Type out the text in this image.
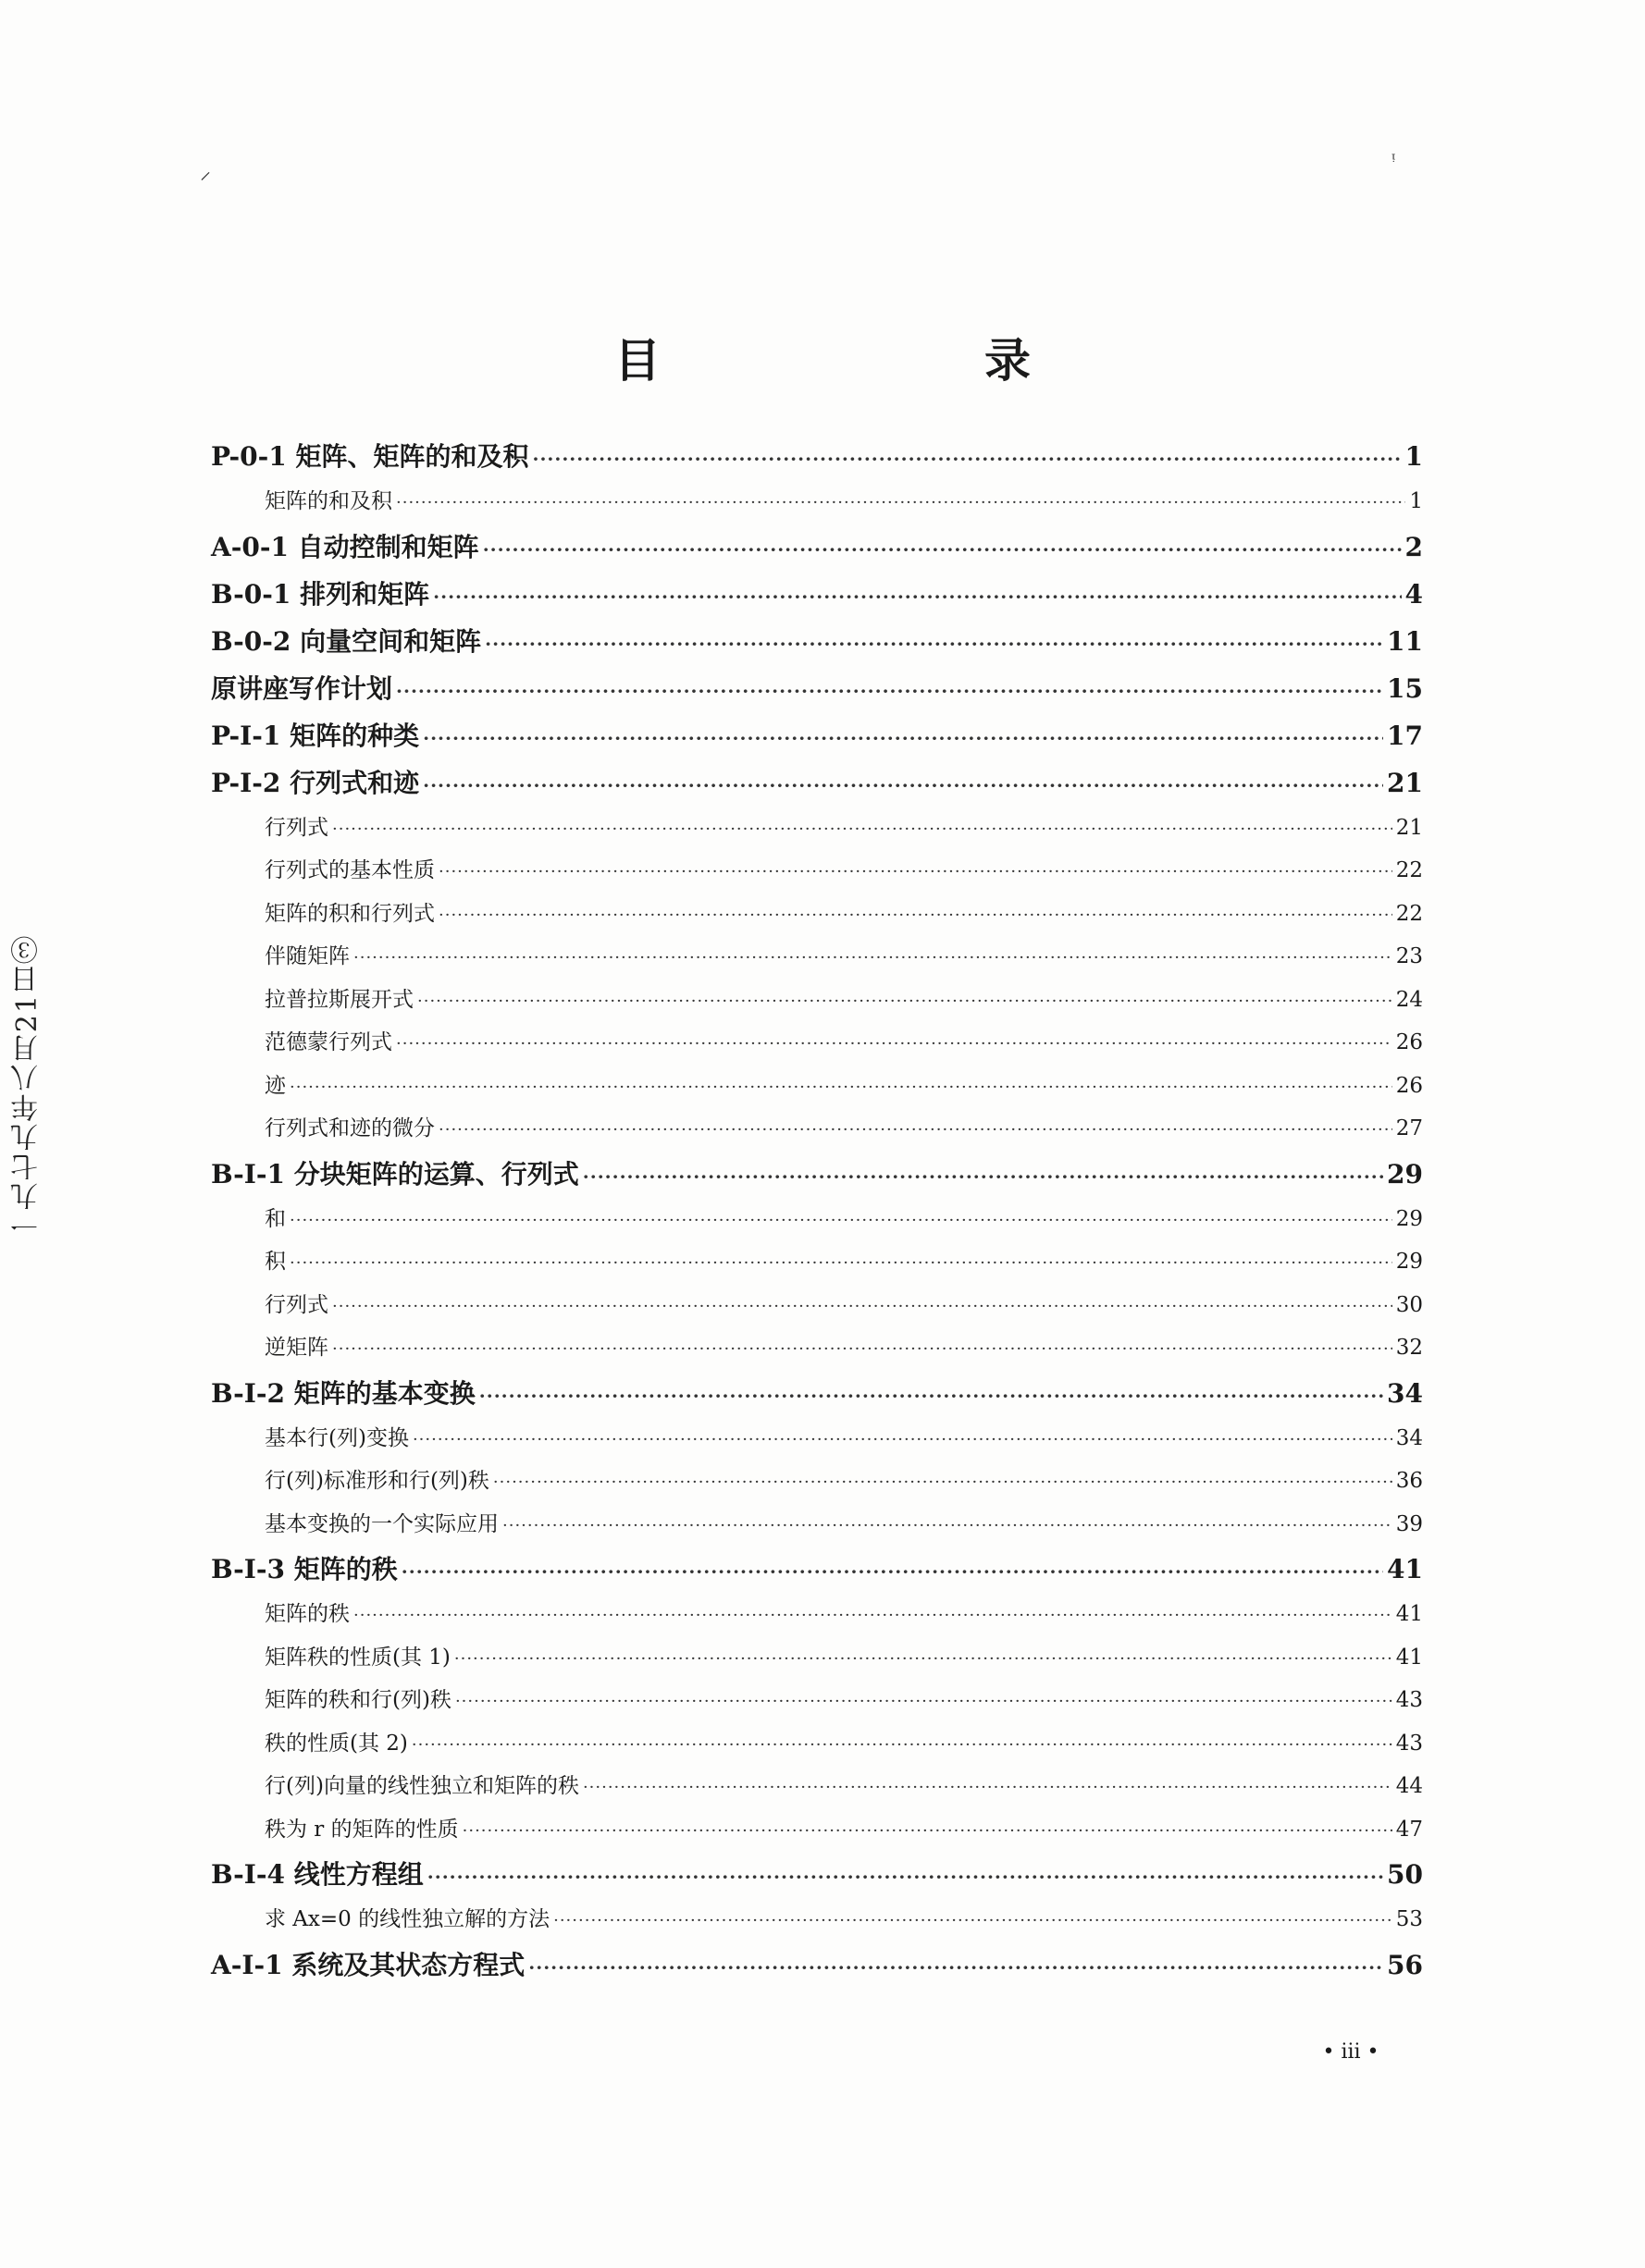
⸝	ᵎ
目　录
P-0-1 矩阵、矩阵的和及积 ·····	1
矩阵的和及积 ·····	1
A-0-1 自动控制和矩阵 ·····	2
B-0-1 排列和矩阵 ·····	4
B-0-2 向量空间和矩阵 ·····	11
原讲座写作计划 ·····	15
P-I-1 矩阵的种类 ·····	17
P-I-2 行列式和迹 ·····	21
行列式 ·····	21
行列式的基本性质 ·····	22
矩阵的积和行列式 ·····	22
伴随矩阵 ·····	23
拉普拉斯展开式 ·····	24
范德蒙行列式 ·····	26
迹 ·····	26
行列式和迹的微分 ·····	27
B-I-1 分块矩阵的运算、行列式 ·····	29
和 ·····	29
积 ·····	29
行列式 ·····	30
逆矩阵 ·····	32
B-I-2 矩阵的基本变换 ·····	34
基本行(列)变换 ·····	34
行(列)标准形和行(列)秩 ·····	36
基本变换的一个实际应用 ·····	39
B-I-3 矩阵的秩 ·····	41
矩阵的秩 ·····	41
矩阵秩的性质(其 1) ·····	41
矩阵的秩和行(列)秩 ·····	43
秩的性质(其 2) ·····	43
行(列)向量的线性独立和矩阵的秩 ·····	44
秩为 r 的矩阵的性质 ·····	47
B-I-4 线性方程组 ·····	50
求 Ax=0 的线性独立解的方法 ·····	53
A-I-1 系统及其状态方程式 ·····	56
一九七九年八月21日③
• iii •
